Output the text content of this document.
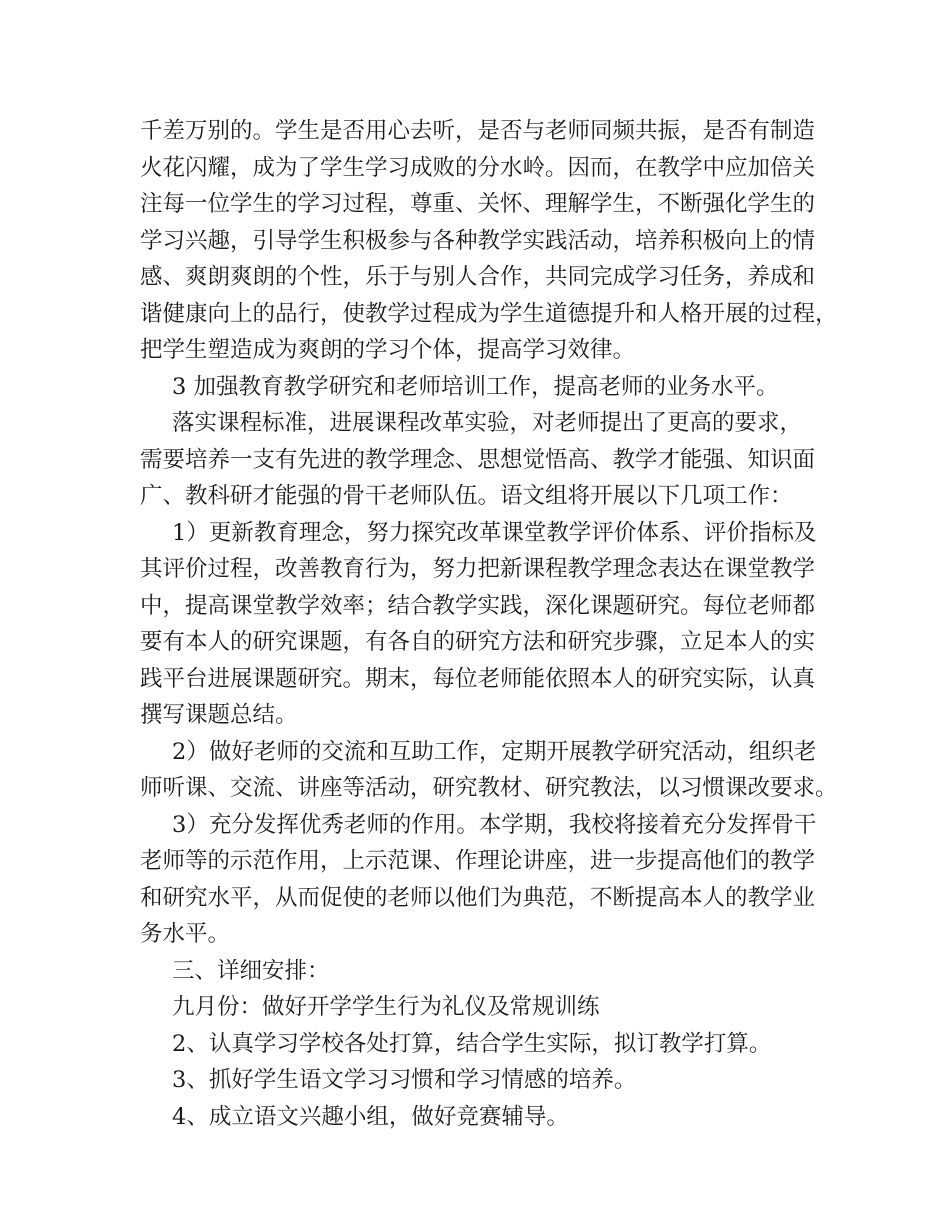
千差万别的。学生是否用心去听，是否与老师同频共振，是否有制造
火花闪耀，成为了学生学习成败的分水岭。因而，在教学中应加倍关
注每一位学生的学习过程，尊重、关怀、理解学生，不断强化学生的
学习兴趣，引导学生积极参与各种教学实践活动，培养积极向上的情
感、爽朗爽朗的个性，乐于与别人合作，共同完成学习任务，养成和
谐健康向上的品行，使教学过程成为学生道德提升和人格开展的过程，
把学生塑造成为爽朗的学习个体，提高学习效律。
3 加强教育教学研究和老师培训工作，提高老师的业务水平。
落实课程标准，进展课程改革实验，对老师提出了更高的要求，
需要培养一支有先进的教学理念、思想觉悟高、教学才能强、知识面
广、教科研才能强的骨干老师队伍。语文组将开展以下几项工作：
1）更新教育理念，努力探究改革课堂教学评价体系、评价指标及
其评价过程，改善教育行为，努力把新课程教学理念表达在课堂教学
中，提高课堂教学效率；结合教学实践，深化课题研究。每位老师都
要有本人的研究课题，有各自的研究方法和研究步骤，立足本人的实
践平台进展课题研究。期末，每位老师能依照本人的研究实际，认真
撰写课题总结。
2）做好老师的交流和互助工作，定期开展教学研究活动，组织老
师听课、交流、讲座等活动，研究教材、研究教法，以习惯课改要求。
3）充分发挥优秀老师的作用。本学期，我校将接着充分发挥骨干
老师等的示范作用，上示范课、作理论讲座，进一步提高他们的教学
和研究水平，从而促使的老师以他们为典范，不断提高本人的教学业
务水平。
三、详细安排：
九月份：做好开学学生行为礼仪及常规训练
2、认真学习学校各处打算，结合学生实际，拟订教学打算。
3、抓好学生语文学习习惯和学习情感的培养。
4、成立语文兴趣小组，做好竞赛辅导。
